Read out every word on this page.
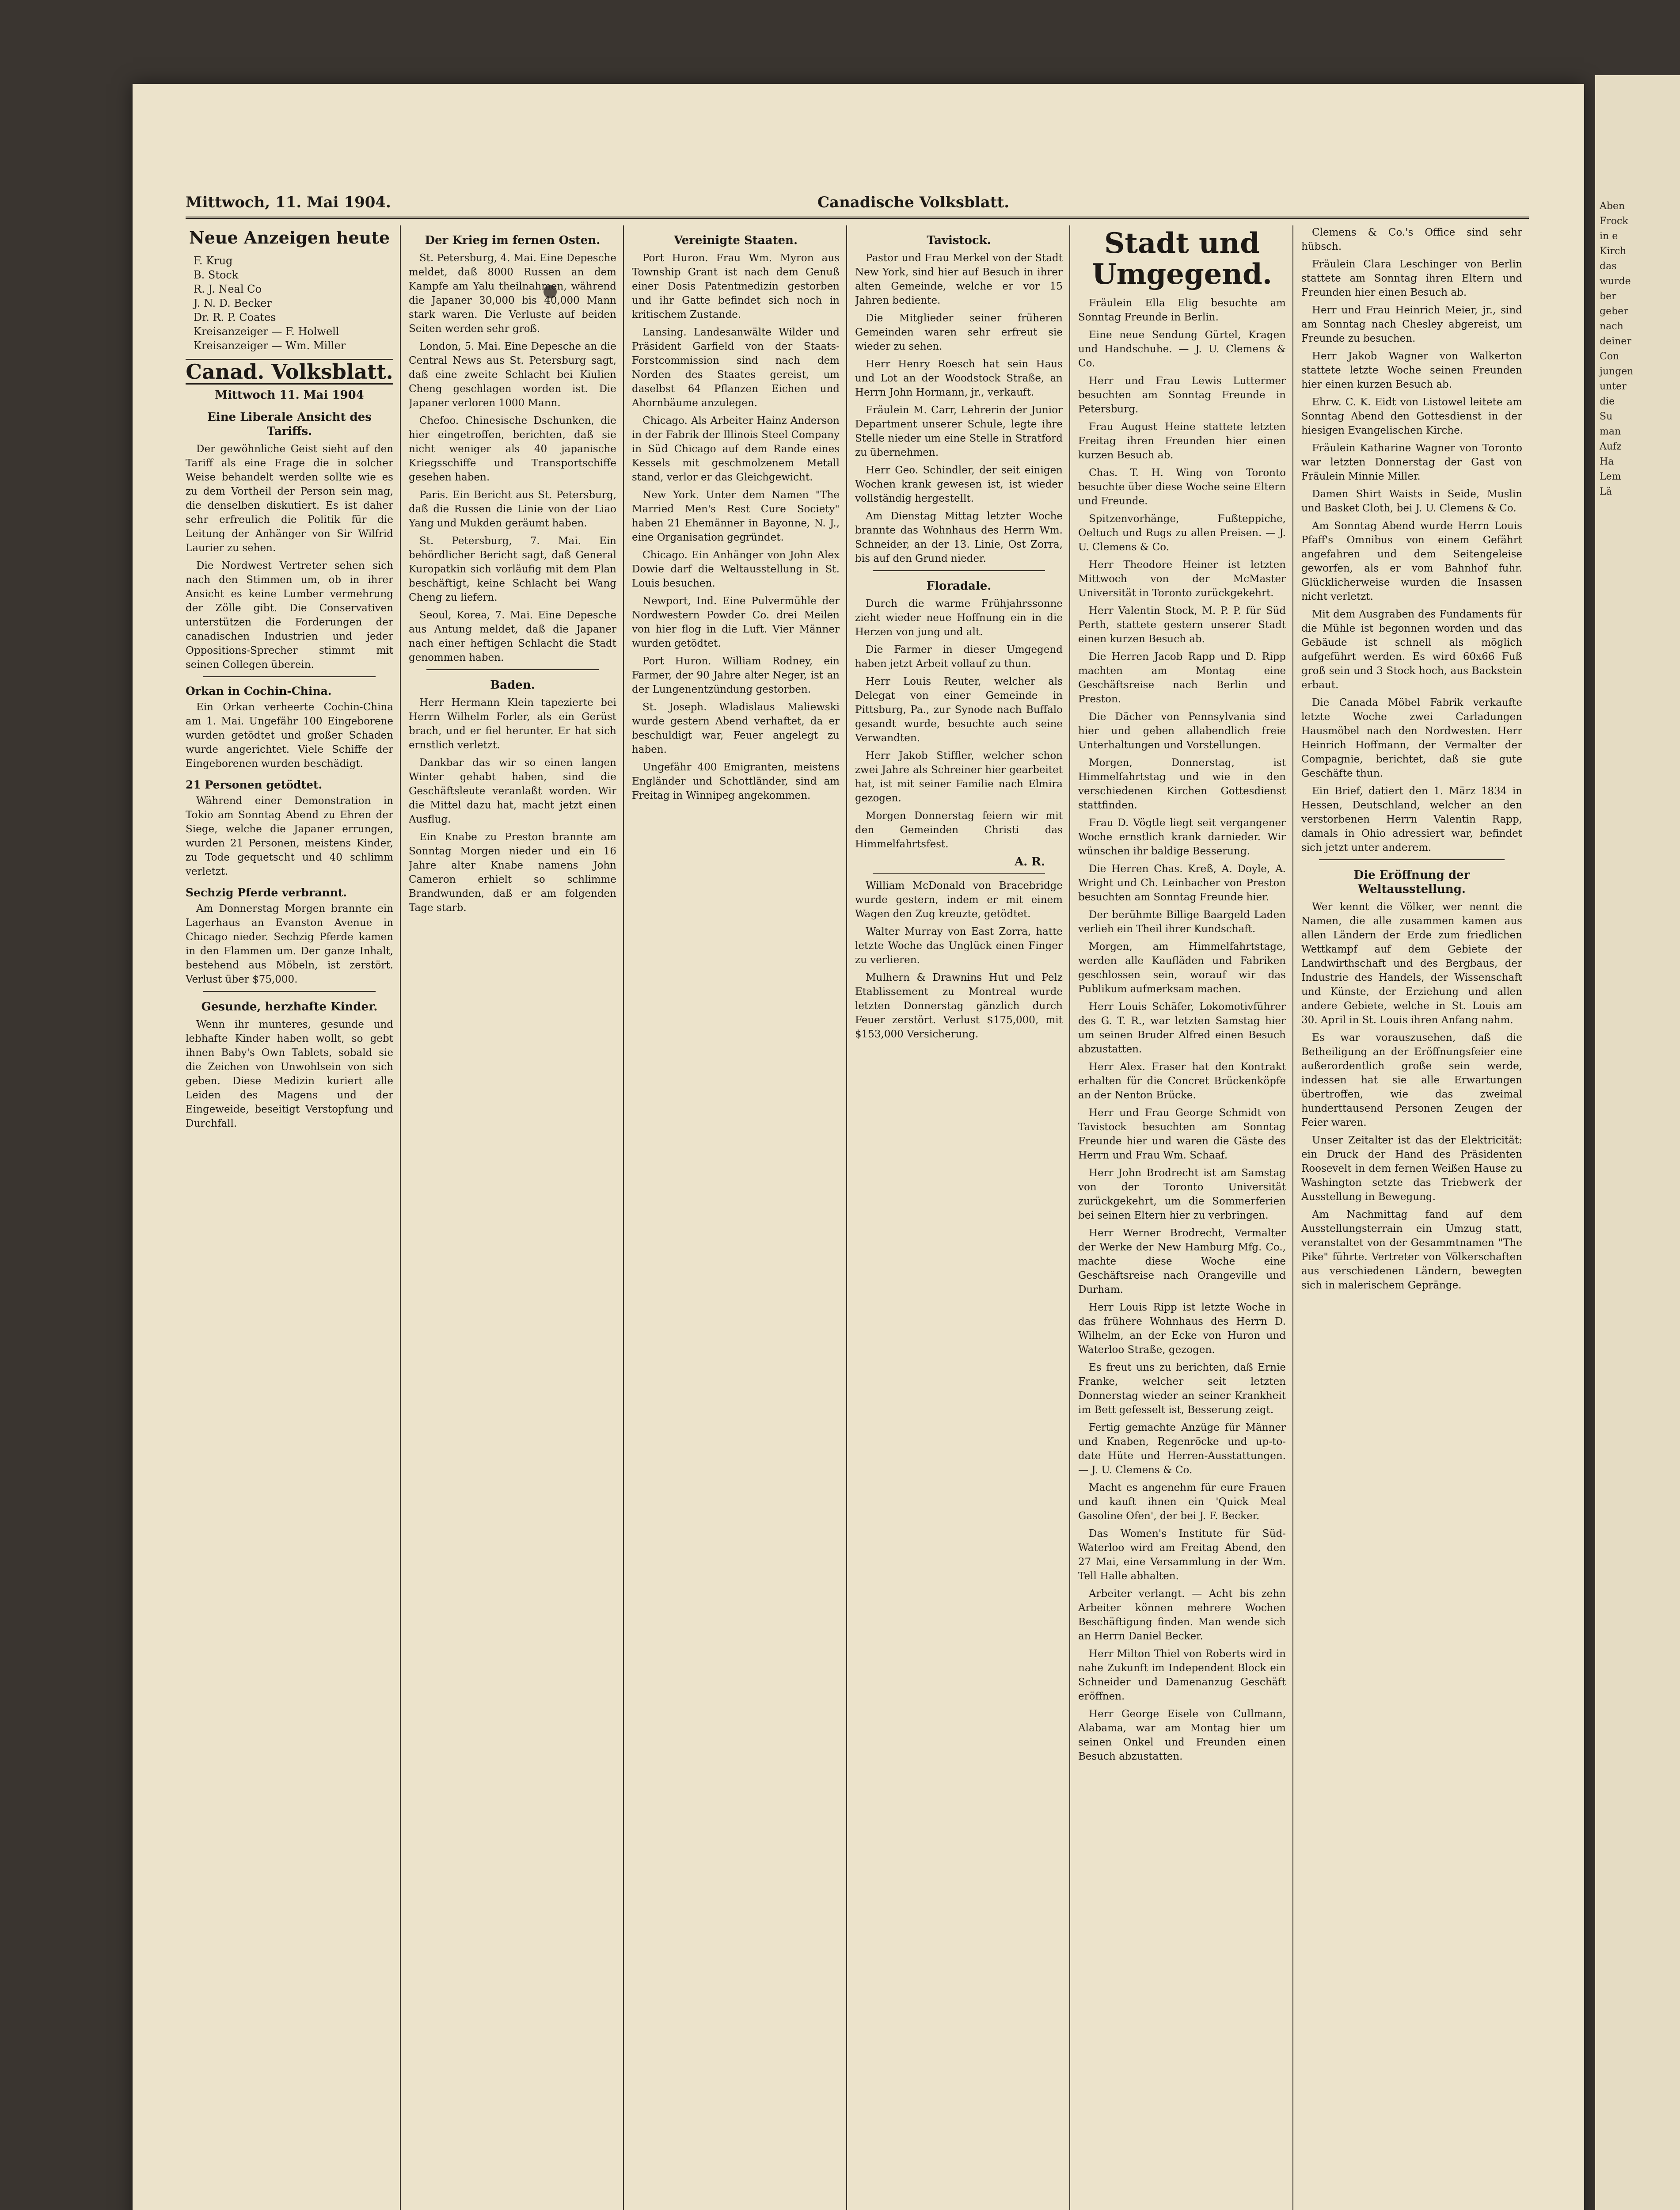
Mittwoch, 11. Mai 1904.	Canadische Volksblatt.
Neue Anzeigen heute
F. Krug
B. Stock
R. J. Neal Co
J. N. D. Becker
Dr. R. P. Coates
Kreisanzeiger — F. Holwell
Kreisanzeiger — Wm. Miller
Canad. Volksblatt.
Mittwoch 11. Mai 1904
Eine Liberale Ansicht des Tariffs.

Der gewöhnliche Geist sieht auf den Tariff als eine Frage die in solcher Weise behandelt werden sollte wie es zu dem Vortheil der Person sein mag, die denselben diskutiert. Es ist daher sehr erfreulich die Politik für die Leitung der Anhänger von Sir Wilfrid Laurier zu sehen.

Die Nordwest Vertreter sehen sich nach den Stimmen um, ob in ihrer Ansicht es keine Lumber vermehrung der Zölle gibt. Die Conservativen unterstützen die Forderungen der canadischen Industrien und jeder Oppositions-Sprecher stimmt mit seinen Collegen überein.

Orkan in Cochin-China.

Ein Orkan verheerte Cochin-China am 1. Mai. Ungefähr 100 Eingeborene wurden getödtet und großer Schaden wurde angerichtet. Viele Schiffe der Eingeborenen wurden beschädigt.

21 Personen getödtet.

Während einer Demonstration in Tokio am Sonntag Abend zu Ehren der Siege, welche die Japaner errungen, wurden 21 Personen, meistens Kinder, zu Tode gequetscht und 40 schlimm verletzt.

Sechzig Pferde verbrannt.

Am Donnerstag Morgen brannte ein Lagerhaus an Evanston Avenue in Chicago nieder. Sechzig Pferde kamen in den Flammen um. Der ganze Inhalt, bestehend aus Möbeln, ist zerstört. Verlust über $75,000.

Gesunde, herzhafte Kinder.

Wenn ihr munteres, gesunde und lebhafte Kinder haben wollt, so gebt ihnen Baby's Own Tablets, sobald sie die Zeichen von Unwohlsein von sich geben. Diese Medizin kuriert alle Leiden des Magens und der Eingeweide, beseitigt Verstopfung und Durchfall.

Der Krieg im fernen Osten.

St. Petersburg, 4. Mai. Eine Depesche meldet, daß 8000 Russen an dem Kampfe am Yalu theilnahmen, während die Japaner 30,000 bis 40,000 Mann stark waren. Die Verluste auf beiden Seiten werden sehr groß.

London, 5. Mai. Eine Depesche an die Central News aus St. Petersburg sagt, daß eine zweite Schlacht bei Kiulien Cheng geschlagen worden ist. Die Japaner verloren 1000 Mann.

Chefoo. Chinesische Dschunken, die hier eingetroffen, berichten, daß sie nicht weniger als 40 japanische Kriegsschiffe und Transportschiffe gesehen haben.

Paris. Ein Bericht aus St. Petersburg, daß die Russen die Linie von der Liao Yang und Mukden geräumt haben.

St. Petersburg, 7. Mai. Ein behördlicher Bericht sagt, daß General Kuropatkin sich vorläufig mit dem Plan beschäftigt, keine Schlacht bei Wang Cheng zu liefern.

Seoul, Korea, 7. Mai. Eine Depesche aus Antung meldet, daß die Japaner nach einer heftigen Schlacht die Stadt genommen haben.

Baden.

Herr Hermann Klein tapezierte bei Herrn Wilhelm Forler, als ein Gerüst brach, und er fiel herunter. Er hat sich ernstlich verletzt.

Dankbar das wir so einen langen Winter gehabt haben, sind die Geschäftsleute veranlaßt worden. Wir die Mittel dazu hat, macht jetzt einen Ausflug.

Ein Knabe zu Preston brannte am Sonntag Morgen nieder und ein 16 Jahre alter Knabe namens John Cameron erhielt so schlimme Brandwunden, daß er am folgenden Tage starb.

Vereinigte Staaten.

Port Huron. Frau Wm. Myron aus Township Grant ist nach dem Genuß einer Dosis Patentmedizin gestorben und ihr Gatte befindet sich noch in kritischem Zustande.

Lansing. Landesanwälte Wilder und Präsident Garfield von der Staats-Forstcommission sind nach dem Norden des Staates gereist, um daselbst 64 Pflanzen Eichen und Ahornbäume anzulegen.

Chicago. Als Arbeiter Hainz Anderson in der Fabrik der Illinois Steel Company in Süd Chicago auf dem Rande eines Kessels mit geschmolzenem Metall stand, verlor er das Gleichgewicht.

New York. Unter dem Namen "The Married Men's Rest Cure Society" haben 21 Ehemänner in Bayonne, N. J., eine Organisation gegründet.

Chicago. Ein Anhänger von John Alex Dowie darf die Weltausstellung in St. Louis besuchen.

Newport, Ind. Eine Pulvermühle der Nordwestern Powder Co. drei Meilen von hier flog in die Luft. Vier Männer wurden getödtet.

Port Huron. William Rodney, ein Farmer, der 90 Jahre alter Neger, ist an der Lungenentzündung gestorben.

St. Joseph. Wladislaus Maliewski wurde gestern Abend verhaftet, da er beschuldigt war, Feuer angelegt zu haben.

Ungefähr 400 Emigranten, meistens Engländer und Schottländer, sind am Freitag in Winnipeg angekommen.

Tavistock.

Pastor und Frau Merkel von der Stadt New York, sind hier auf Besuch in ihrer alten Gemeinde, welche er vor 15 Jahren bediente.

Die Mitglieder seiner früheren Gemeinden waren sehr erfreut sie wieder zu sehen.

Herr Henry Roesch hat sein Haus und Lot an der Woodstock Straße, an Herrn John Hormann, jr., verkauft.

Fräulein M. Carr, Lehrerin der Junior Department unserer Schule, legte ihre Stelle nieder um eine Stelle in Stratford zu übernehmen.

Herr Geo. Schindler, der seit einigen Wochen krank gewesen ist, ist wieder vollständig hergestellt.

Am Dienstag Mittag letzter Woche brannte das Wohnhaus des Herrn Wm. Schneider, an der 13. Linie, Ost Zorra, bis auf den Grund nieder.

Floradale.

Durch die warme Frühjahrssonne zieht wieder neue Hoffnung ein in die Herzen von jung und alt.

Die Farmer in dieser Umgegend haben jetzt Arbeit vollauf zu thun.

Herr Louis Reuter, welcher als Delegat von einer Gemeinde in Pittsburg, Pa., zur Synode nach Buffalo gesandt wurde, besuchte auch seine Verwandten.

Herr Jakob Stiffler, welcher schon zwei Jahre als Schreiner hier gearbeitet hat, ist mit seiner Familie nach Elmira gezogen.

Morgen Donnerstag feiern wir mit den Gemeinden Christi das Himmelfahrtsfest.

A. R.

William McDonald von Bracebridge wurde gestern, indem er mit einem Wagen den Zug kreuzte, getödtet.

Walter Murray von East Zorra, hatte letzte Woche das Unglück einen Finger zu verlieren.

Mulhern & Drawnins Hut und Pelz Etablissement zu Montreal wurde letzten Donnerstag gänzlich durch Feuer zerstört. Verlust $175,000, mit $153,000 Versicherung.

Stadt und Umgegend.

Fräulein Ella Elig besuchte am Sonntag Freunde in Berlin.

Eine neue Sendung Gürtel, Kragen und Handschuhe. — J. U. Clemens & Co.

Herr und Frau Lewis Luttermer besuchten am Sonntag Freunde in Petersburg.

Frau August Heine stattete letzten Freitag ihren Freunden hier einen kurzen Besuch ab.

Chas. T. H. Wing von Toronto besuchte über diese Woche seine Eltern und Freunde.

Spitzenvorhänge, Fußteppiche, Oeltuch und Rugs zu allen Preisen. — J. U. Clemens & Co.

Herr Theodore Heiner ist letzten Mittwoch von der McMaster Universität in Toronto zurückgekehrt.

Herr Valentin Stock, M. P. P. für Süd Perth, stattete gestern unserer Stadt einen kurzen Besuch ab.

Die Herren Jacob Rapp und D. Ripp machten am Montag eine Geschäftsreise nach Berlin und Preston.

Die Dächer von Pennsylvania sind hier und geben allabendlich freie Unterhaltungen und Vorstellungen.

Morgen, Donnerstag, ist Himmelfahrtstag und wie in den verschiedenen Kirchen Gottesdienst stattfinden.

Frau D. Vögtle liegt seit vergangener Woche ernstlich krank darnieder. Wir wünschen ihr baldige Besserung.

Die Herren Chas. Kreß, A. Doyle, A. Wright und Ch. Leinbacher von Preston besuchten am Sonntag Freunde hier.

Der berühmte Billige Baargeld Laden verlieh ein Theil ihrer Kundschaft.

Morgen, am Himmelfahrtstage, werden alle Kaufläden und Fabriken geschlossen sein, worauf wir das Publikum aufmerksam machen.

Herr Louis Schäfer, Lokomotivführer des G. T. R., war letzten Samstag hier um seinen Bruder Alfred einen Besuch abzustatten.

Herr Alex. Fraser hat den Kontrakt erhalten für die Concret Brückenköpfe an der Nenton Brücke.

Herr und Frau George Schmidt von Tavistock besuchten am Sonntag Freunde hier und waren die Gäste des Herrn und Frau Wm. Schaaf.

Herr John Brodrecht ist am Samstag von der Toronto Universität zurückgekehrt, um die Sommerferien bei seinen Eltern hier zu verbringen.

Herr Werner Brodrecht, Vermalter der Werke der New Hamburg Mfg. Co., machte diese Woche eine Geschäftsreise nach Orangeville und Durham.

Herr Louis Ripp ist letzte Woche in das frühere Wohnhaus des Herrn D. Wilhelm, an der Ecke von Huron und Waterloo Straße, gezogen.

Es freut uns zu berichten, daß Ernie Franke, welcher seit letzten Donnerstag wieder an seiner Krankheit im Bett gefesselt ist, Besserung zeigt.

Fertig gemachte Anzüge für Männer und Knaben, Regenröcke und up-to-date Hüte und Herren-Ausstattungen. — J. U. Clemens & Co.

Macht es angenehm für eure Frauen und kauft ihnen ein 'Quick Meal Gasoline Ofen', der bei J. F. Becker.

Das Women's Institute für Süd-Waterloo wird am Freitag Abend, den 27 Mai, eine Versammlung in der Wm. Tell Halle abhalten.

Arbeiter verlangt. — Acht bis zehn Arbeiter können mehrere Wochen Beschäftigung finden. Man wende sich an Herrn Daniel Becker.

Herr Milton Thiel von Roberts wird in nahe Zukunft im Independent Block ein Schneider und Damenanzug Geschäft eröffnen.

Herr George Eisele von Cullmann, Alabama, war am Montag hier um seinen Onkel und Freunden einen Besuch abzustatten.

Clemens & Co.'s Office sind sehr hübsch.

Fräulein Clara Leschinger von Berlin stattete am Sonntag ihren Eltern und Freunden hier einen Besuch ab.

Herr und Frau Heinrich Meier, jr., sind am Sonntag nach Chesley abgereist, um Freunde zu besuchen.

Herr Jakob Wagner von Walkerton stattete letzte Woche seinen Freunden hier einen kurzen Besuch ab.

Ehrw. C. K. Eidt von Listowel leitete am Sonntag Abend den Gottesdienst in der hiesigen Evangelischen Kirche.

Fräulein Katharine Wagner von Toronto war letzten Donnerstag der Gast von Fräulein Minnie Miller.

Damen Shirt Waists in Seide, Muslin und Basket Cloth, bei J. U. Clemens & Co.

Am Sonntag Abend wurde Herrn Louis Pfaff's Omnibus von einem Gefährt angefahren und dem Seitengeleise geworfen, als er vom Bahnhof fuhr. Glücklicherweise wurden die Insassen nicht verletzt.

Mit dem Ausgraben des Fundaments für die Mühle ist begonnen worden und das Gebäude ist schnell als möglich aufgeführt werden. Es wird 60x66 Fuß groß sein und 3 Stock hoch, aus Backstein erbaut.

Die Canada Möbel Fabrik verkaufte letzte Woche zwei Carladungen Hausmöbel nach den Nordwesten. Herr Heinrich Hoffmann, der Vermalter der Compagnie, berichtet, daß sie gute Geschäfte thun.

Ein Brief, datiert den 1. März 1834 in Hessen, Deutschland, welcher an den verstorbenen Herrn Valentin Rapp, damals in Ohio adressiert war, befindet sich jetzt unter anderem.

Die Eröffnung der Weltausstellung.

Wer kennt die Völker, wer nennt die Namen, die alle zusammen kamen aus allen Ländern der Erde zum friedlichen Wettkampf auf dem Gebiete der Landwirthschaft und des Bergbaus, der Industrie des Handels, der Wissenschaft und Künste, der Erziehung und allen andere Gebiete, welche in St. Louis am 30. April in St. Louis ihren Anfang nahm.

Es war vorauszusehen, daß die Betheiligung an der Eröffnungsfeier eine außerordentlich große sein werde, indessen hat sie alle Erwartungen übertroffen, wie das zweimal hunderttausend Personen Zeugen der Feier waren.

Unser Zeitalter ist das der Elektricität: ein Druck der Hand des Präsidenten Roosevelt in dem fernen Weißen Hause zu Washington setzte das Triebwerk der Ausstellung in Bewegung.

Am Nachmittag fand auf dem Ausstellungsterrain ein Umzug statt, veranstaltet von der Gesammtnamen "The Pike" führte. Vertreter von Völkerschaften aus verschiedenen Ländern, bewegten sich in malerischem Gepränge.

Aben
Frock
in e
Kirch
das
wurde
ber
geber
nach
deiner
Con
jungen
unter
die
Su
man
Aufz
Ha
Lem
Lä
